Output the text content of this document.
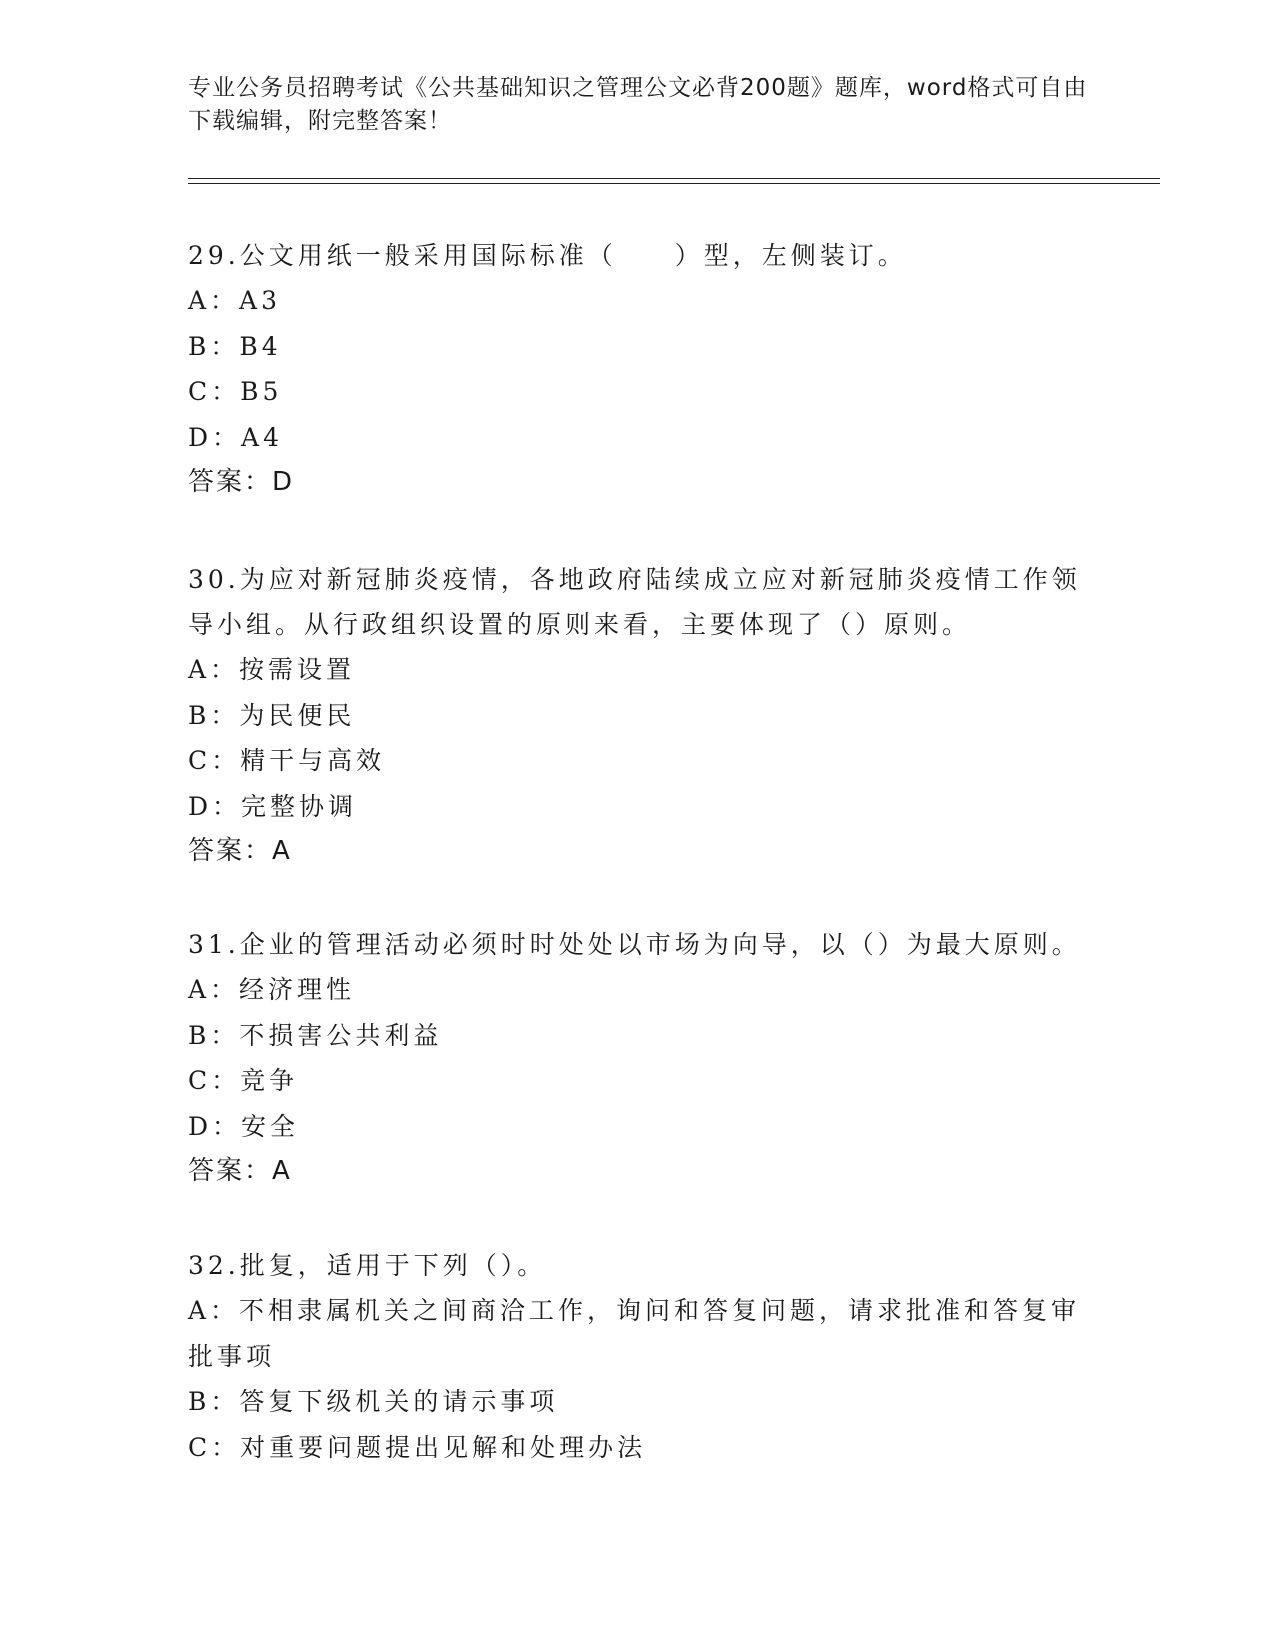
专业公务员招聘考试《公共基础知识之管理公文必背200题》题库，word格式可自由下载编辑，附完整答案！
29.公文用纸一般采用国际标准（　　）型，左侧装订。
A：A3
B：B4
C：B5
D：A4
答案：D
30.为应对新冠肺炎疫情，各地政府陆续成立应对新冠肺炎疫情工作领导小组。从行政组织设置的原则来看，主要体现了（）原则。
A：按需设置
B：为民便民
C：精干与高效
D：完整协调
答案：A
31.企业的管理活动必须时时处处以市场为向导，以（）为最大原则。
A：经济理性
B：不损害公共利益
C：竞争
D：安全
答案：A
32.批复，适用于下列（）。
A：不相隶属机关之间商洽工作，询问和答复问题，请求批准和答复审批事项
B：答复下级机关的请示事项
C：对重要问题提出见解和处理办法
